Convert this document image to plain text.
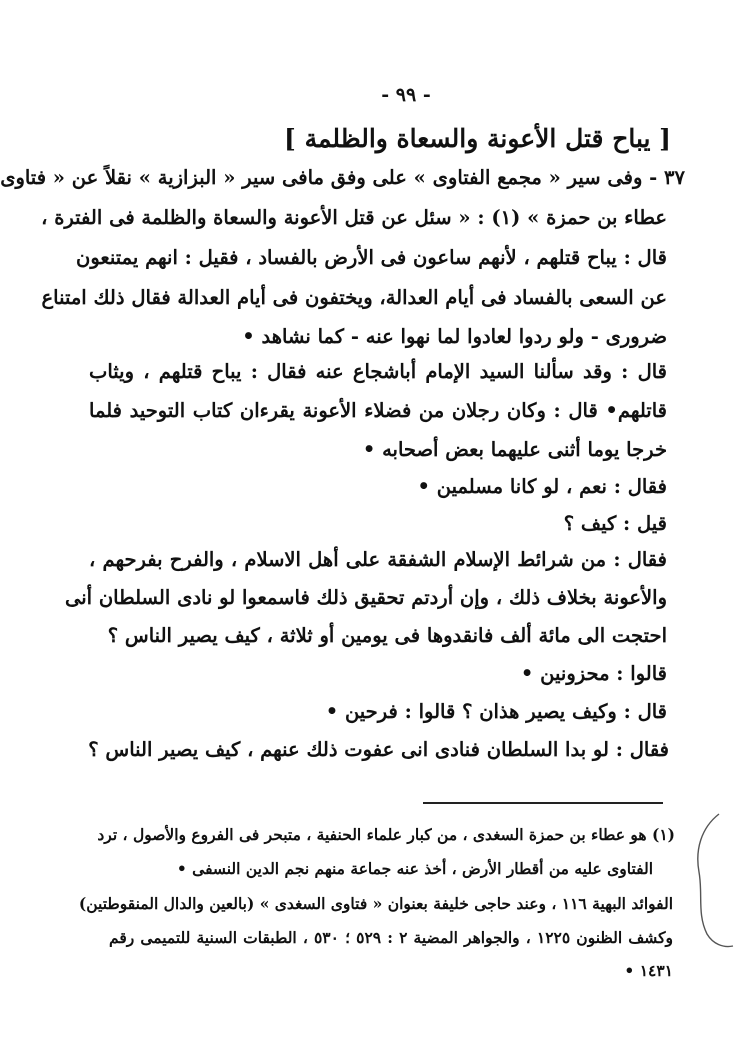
- ٩٩ -
[ يباح قتل الأعونة والسعاة والظلمة ]
٣٧ - وفى سير « مجمع الفتاوى » على وفق مافى سير « البزازية » نقلاً عن « فتاوى
عطاء بن حمزة » (١) : « سئل عن قتل الأعونة والسعاة والظلمة فى الفترة ،
قال : يباح قتلهم ، لأنهم ساعون فى الأرض بالفساد ، فقيل : انهم يمتنعون
عن السعى بالفساد فى أيام العدالة، ويختفون فى أيام العدالة فقال ذلك امتناع
ضرورى - ولو ردوا لعادوا لما نهوا عنه - كما نشاهد •
قال : وقد سألنا السيد الإمام أباشجاع عنه فقال : يباح قتلهم ، ويثاب
قاتلهم• قال : وكان رجلان من فضلاء الأعونة يقرءان كتاب التوحيد فلما
خرجا يوما أثنى عليهما بعض أصحابه •
فقال : نعم ، لو كانا مسلمين •
قيل : كيف ؟
فقال : من شرائط الإسلام الشفقة على أهل الاسلام ، والفرح بفرحهم ،
والأعونة بخلاف ذلك ، وإن أردتم تحقيق ذلك فاسمعوا لو نادى السلطان أنى
احتجت الى مائة ألف فانقدوها فى يومين أو ثلاثة ، كيف يصير الناس ؟
قالوا : محزونين •
قال : وكيف يصير هذان ؟ قالوا : فرحين •
فقال : لو بدا السلطان فنادى انى عفوت ذلك عنهم ، كيف يصير الناس ؟
(١) هو عطاء بن حمزة السغدى ، من كبار علماء الحنفية ، متبحر فى الفروع والأصول ، ترد
الفتاوى عليه من أقطار الأرض ، أخذ عنه جماعة منهم نجم الدين النسفى •
الفوائد البهية ١١٦ ، وعند حاجى خليفة بعنوان « فتاوى السغدى » (بالعين والدال المنقوطتين)
وكشف الظنون ١٢٢٥ ، والجواهر المضية ٢ : ٥٢٩ ؛ ٥٣٠ ، الطبقات السنية للتميمى رقم
١٤٣١ •
